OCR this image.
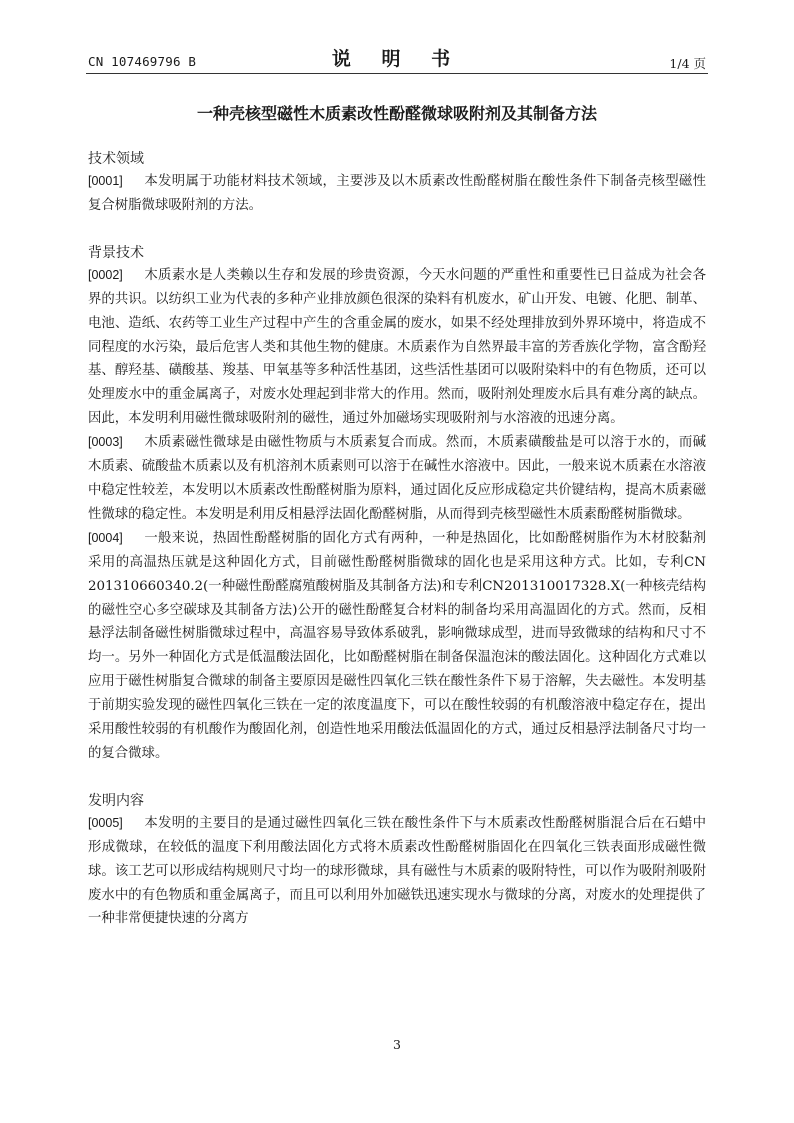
CN 107469796 B	说 明 书	1/4 页
一种壳核型磁性木质素改性酚醛微球吸附剂及其制备方法
技术领域

[0001] 本发明属于功能材料技术领域，主要涉及以木质素改性酚醛树脂在酸性条件下制备壳核型磁性复合树脂微球吸附剂的方法。

背景技术

[0002] 木质素水是人类赖以生存和发展的珍贵资源，今天水问题的严重性和重要性已日益成为社会各界的共识。以纺织工业为代表的多种产业排放颜色很深的染料有机废水，矿山开发、电镀、化肥、制革、电池、造纸、农药等工业生产过程中产生的含重金属的废水，如果不经处理排放到外界环境中，将造成不同程度的水污染，最后危害人类和其他生物的健康。木质素作为自然界最丰富的芳香族化学物，富含酚羟基、醇羟基、磺酸基、羧基、甲氧基等多种活性基团，这些活性基团可以吸附染料中的有色物质，还可以处理废水中的重金属离子，对废水处理起到非常大的作用。然而，吸附剂处理废水后具有难分离的缺点。因此，本发明利用磁性微球吸附剂的磁性，通过外加磁场实现吸附剂与水溶液的迅速分离。

[0003] 木质素磁性微球是由磁性物质与木质素复合而成。然而，木质素磺酸盐是可以溶于水的，而碱木质素、硫酸盐木质素以及有机溶剂木质素则可以溶于在碱性水溶液中。因此，一般来说木质素在水溶液中稳定性较差，本发明以木质素改性酚醛树脂为原料，通过固化反应形成稳定共价键结构，提高木质素磁性微球的稳定性。本发明是利用反相悬浮法固化酚醛树脂，从而得到壳核型磁性木质素酚醛树脂微球。

[0004] 一般来说，热固性酚醛树脂的固化方式有两种，一种是热固化，比如酚醛树脂作为木材胶黏剂采用的高温热压就是这种固化方式，目前磁性酚醛树脂微球的固化也是采用这种方式。比如，专利CN 201310660340.2(一种磁性酚醛腐殖酸树脂及其制备方法)和专利CN201310017328.X(一种核壳结构的磁性空心多空碳球及其制备方法)公开的磁性酚醛复合材料的制备均采用高温固化的方式。然而，反相悬浮法制备磁性树脂微球过程中，高温容易导致体系破乳，影响微球成型，进而导致微球的结构和尺寸不均一。另外一种固化方式是低温酸法固化，比如酚醛树脂在制备保温泡沫的酸法固化。这种固化方式难以应用于磁性树脂复合微球的制备主要原因是磁性四氧化三铁在酸性条件下易于溶解，失去磁性。本发明基于前期实验发现的磁性四氧化三铁在一定的浓度温度下，可以在酸性较弱的有机酸溶液中稳定存在，提出采用酸性较弱的有机酸作为酸固化剂，创造性地采用酸法低温固化的方式，通过反相悬浮法制备尺寸均一的复合微球。

发明内容

[0005] 本发明的主要目的是通过磁性四氧化三铁在酸性条件下与木质素改性酚醛树脂混合后在石蜡中形成微球，在较低的温度下利用酸法固化方式将木质素改性酚醛树脂固化在四氧化三铁表面形成磁性微球。该工艺可以形成结构规则尺寸均一的球形微球，具有磁性与木质素的吸附特性，可以作为吸附剂吸附废水中的有色物质和重金属离子，而且可以利用外加磁铁迅速实现水与微球的分离，对废水的处理提供了一种非常便捷快速的分离方

3
